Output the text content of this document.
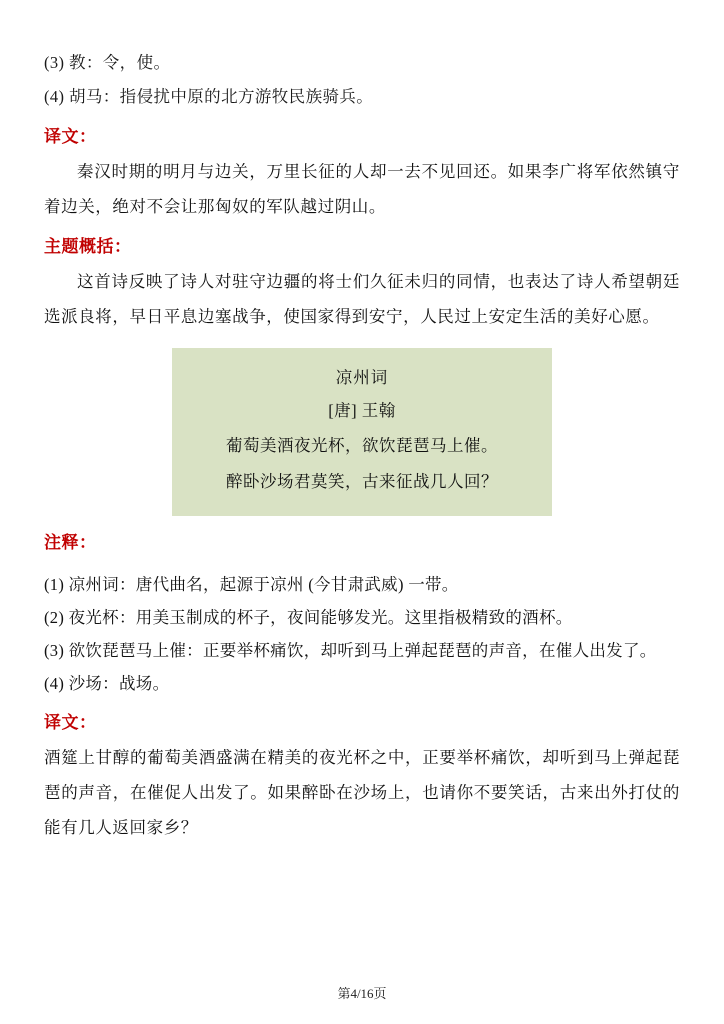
(3) 教：令，使。
(4) 胡马：指侵扰中原的北方游牧民族骑兵。
译文：
秦汉时期的明月与边关，万里长征的人却一去不见回还。如果李广将军依然镇守着边关，绝对不会让那匈奴的军队越过阴山。
主题概括：
这首诗反映了诗人对驻守边疆的将士们久征未归的同情，也表达了诗人希望朝廷选派良将，早日平息边塞战争，使国家得到安宁，人民过上安定生活的美好心愿。
凉州词
[唐] 王翰
葡萄美酒夜光杯，欲饮琵琶马上催。
醉卧沙场君莫笑，古来征战几人回？
注释：
(1) 凉州词：唐代曲名，起源于凉州 (今甘肃武威) 一带。
(2) 夜光杯：用美玉制成的杯子，夜间能够发光。这里指极精致的酒杯。
(3) 欲饮琵琶马上催：正要举杯痛饮，却听到马上弹起琵琶的声音，在催人出发了。
(4) 沙场：战场。
译文：
酒筵上甘醇的葡萄美酒盛满在精美的夜光杯之中，正要举杯痛饮，却听到马上弹起琵琶的声音，在催促人出发了。如果醉卧在沙场上，也请你不要笑话，古来出外打仗的能有几人返回家乡？
第4/16页
